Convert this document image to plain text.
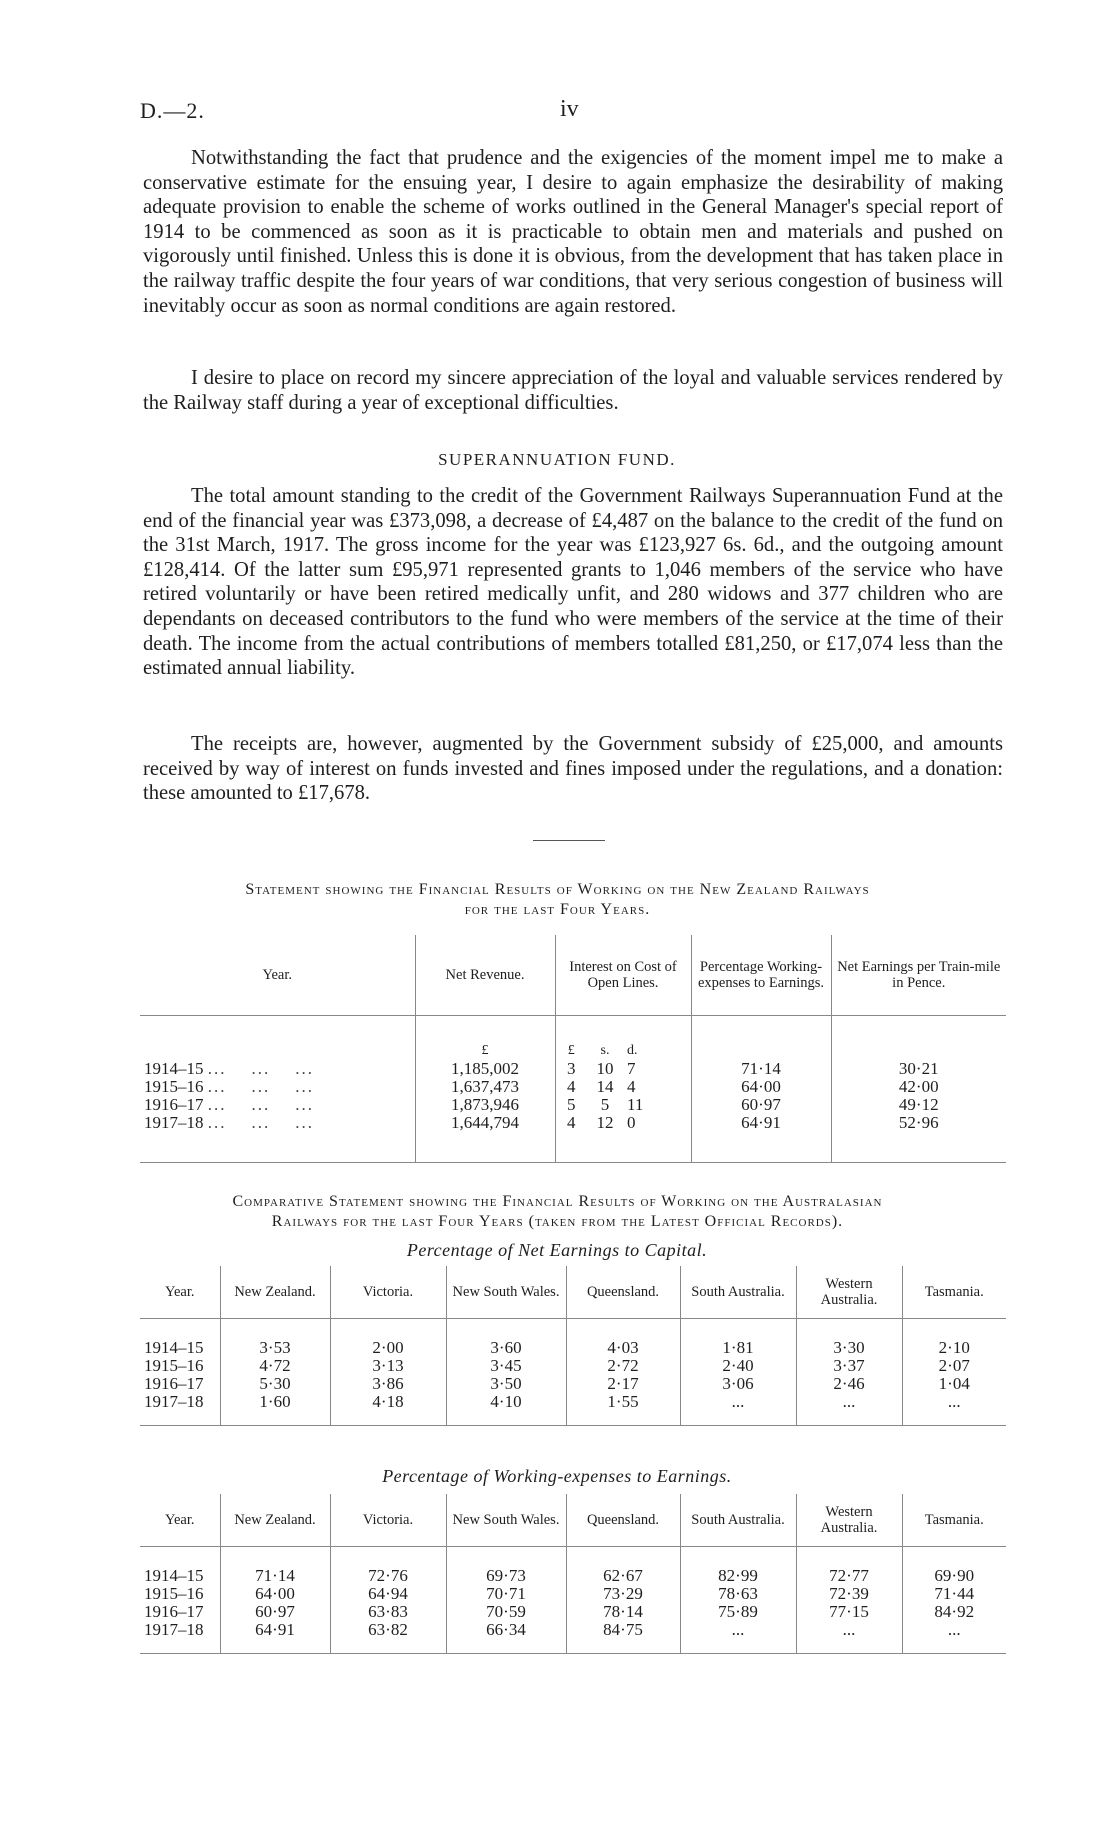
D.—2.	iv

Notwithstanding the fact that prudence and the exigencies of the moment impel me to make a conservative estimate for the ensuing year, I desire to again emphasize the desirability of making adequate provision to enable the scheme of works outlined in the General Manager's special report of 1914 to be commenced as soon as it is practicable to obtain men and materials and pushed on vigorously until finished. Unless this is done it is obvious, from the development that has taken place in the railway traffic despite the four years of war conditions, that very serious congestion of business will inevitably occur as soon as normal conditions are again restored.

I desire to place on record my sincere appreciation of the loyal and valuable services rendered by the Railway staff during a year of exceptional difficulties.

SUPERANNUATION FUND.

The total amount standing to the credit of the Government Railways Superannuation Fund at the end of the financial year was £373,098, a decrease of £4,487 on the balance to the credit of the fund on the 31st March, 1917. The gross income for the year was £123,927 6s. 6d., and the outgoing amount £128,414. Of the latter sum £95,971 represented grants to 1,046 members of the service who have retired voluntarily or have been retired medically unfit, and 280 widows and 377 children who are dependants on deceased contributors to the fund who were members of the service at the time of their death. The income from the actual contributions of members totalled £81,250, or £17,074 less than the estimated annual liability.

The receipts are, however, augmented by the Government subsidy of £25,000, and amounts received by way of interest on funds invested and fines imposed under the regulations, and a donation: these amounted to £17,678.

Statement showing the Financial Results of Working on the New Zealand Railways
for the last Four Years.
Year.	Net Revenue.	Interest on Cost of Open Lines.			Percentage Working-expenses to Earnings.	Net Earnings per Train-mile in Pence.
	£	£	s.	d.		
1914–15 ...    ...    ...	1,185,002	3	10	7	71·14	30·21
1915–16 ...    ...    ...	1,637,473	4	14	4	64·00	42·00
1916–17 ...    ...    ...	1,873,946	5	5	11	60·97	49·12
1917–18 ...    ...    ...	1,644,794	4	12	0	64·91	52·96
Comparative Statement showing the Financial Results of Working on the Australasian
Railways for the last Four Years (taken from the Latest Official Records).
Percentage of Net Earnings to Capital.
Year.	New Zealand.	Victoria.	New South Wales.	Queensland.	South Australia.	Western Australia.	Tasmania.
1914–15	3·53	2·00	3·60	4·03	1·81	3·30	2·10
1915–16	4·72	3·13	3·45	2·72	2·40	3·37	2·07
1916–17	5·30	3·86	3·50	2·17	3·06	2·46	1·04
1917–18	1·60	4·18	4·10	1·55	...	...	...
Percentage of Working-expenses to Earnings.
Year.	New Zealand.	Victoria.	New South Wales.	Queensland.	South Australia.	Western Australia.	Tasmania.
1914–15	71·14	72·76	69·73	62·67	82·99	72·77	69·90
1915–16	64·00	64·94	70·71	73·29	78·63	72·39	71·44
1916–17	60·97	63·83	70·59	78·14	75·89	77·15	84·92
1917–18	64·91	63·82	66·34	84·75	...	...	...
